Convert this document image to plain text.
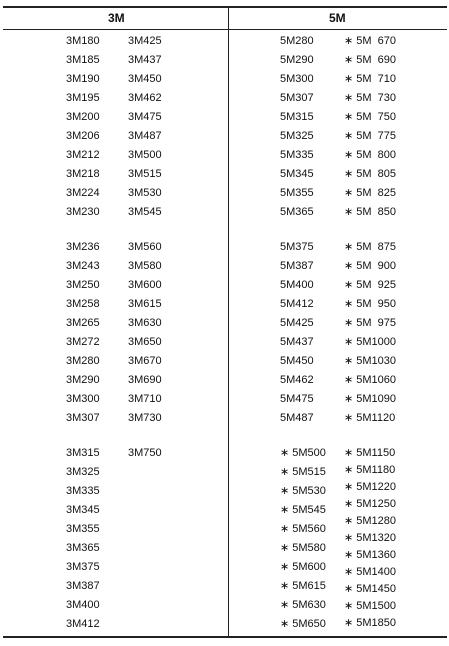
3M	5M
3M180
3M185
3M190
3M195
3M200
3M206
3M212
3M218
3M224
3M230
3M425
3M437
3M450
3M462
3M475
3M487
3M500
3M515
3M530
3M545
5M280
5M290
5M300
5M307
5M315
5M325
5M335
5M345
5M355
5M365
∗ 5M  670
∗ 5M  690
∗ 5M  710
∗ 5M  730
∗ 5M  750
∗ 5M  775
∗ 5M  800
∗ 5M  805
∗ 5M  825
∗ 5M  850
3M236
3M243
3M250
3M258
3M265
3M272
3M280
3M290
3M300
3M307
3M560
3M580
3M600
3M615
3M630
3M650
3M670
3M690
3M710
3M730
5M375
5M387
5M400
5M412
5M425
5M437
5M450
5M462
5M475
5M487
∗ 5M  875
∗ 5M  900
∗ 5M  925
∗ 5M  950
∗ 5M  975
∗ 5M1000
∗ 5M1030
∗ 5M1060
∗ 5M1090
∗ 5M1120
3M315
3M325
3M335
3M345
3M355
3M365
3M375
3M387
3M400
3M412
3M750	∗ 5M500
∗ 5M515
∗ 5M530
∗ 5M545
∗ 5M560
∗ 5M580
∗ 5M600
∗ 5M615
∗ 5M630
∗ 5M650
∗ 5M1150
∗ 5M1180
∗ 5M1220
∗ 5M1250
∗ 5M1280
∗ 5M1320
∗ 5M1360
∗ 5M1400
∗ 5M1450
∗ 5M1500
∗ 5M1850
